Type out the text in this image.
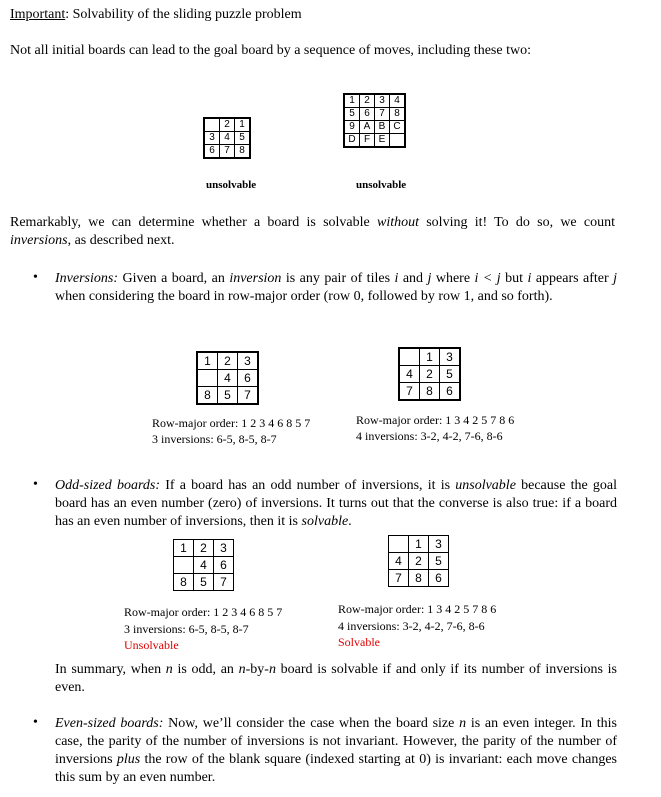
Important: Solvability of the sliding puzzle problem
Not all initial boards can lead to the goal board by a sequence of moves, including these two:
	2	1
3	4	5
6	7	8
unsolvable
1	2	3	4
5	6	7	8
9	A	B	C
D	F	E	
unsolvable
Remarkably, we can determine whether a board is solvable without solving it! To do so, we count inversions, as described next.
• Inversions: Given a board, an inversion is any pair of tiles i and j where i < j but i appears after j when considering the board in row-major order (row 0, followed by row 1, and so forth).
1	2	3
	4	6
8	5	7
	1	3
4	2	5
7	8	6
Row-major order: 1 2 3 4 6 8 5 7
3 inversions: 6-5, 8-5, 8-7
Row-major order: 1 3 4 2 5 7 8 6
4 inversions: 3-2, 4-2, 7-6, 8-6
• Odd-sized boards: If a board has an odd number of inversions, it is unsolvable because the goal board has an even number (zero) of inversions. It turns out that the converse is also true: if a board has an even number of inversions, then it is solvable.
1	2	3
	4	6
8	5	7
	1	3
4	2	5
7	8	6
Row-major order: 1 2 3 4 6 8 5 7
3 inversions: 6-5, 8-5, 8-7
Unsolvable
Row-major order: 1 3 4 2 5 7 8 6
4 inversions: 3-2, 4-2, 7-6, 8-6
Solvable
In summary, when n is odd, an n-by-n board is solvable if and only if its number of inversions is even.
• Even-sized boards: Now, we’ll consider the case when the board size n is an even integer. In this case, the parity of the number of inversions is not invariant. However, the parity of the number of inversions plus the row of the blank square (indexed starting at 0) is invariant: each move changes this sum by an even number.
